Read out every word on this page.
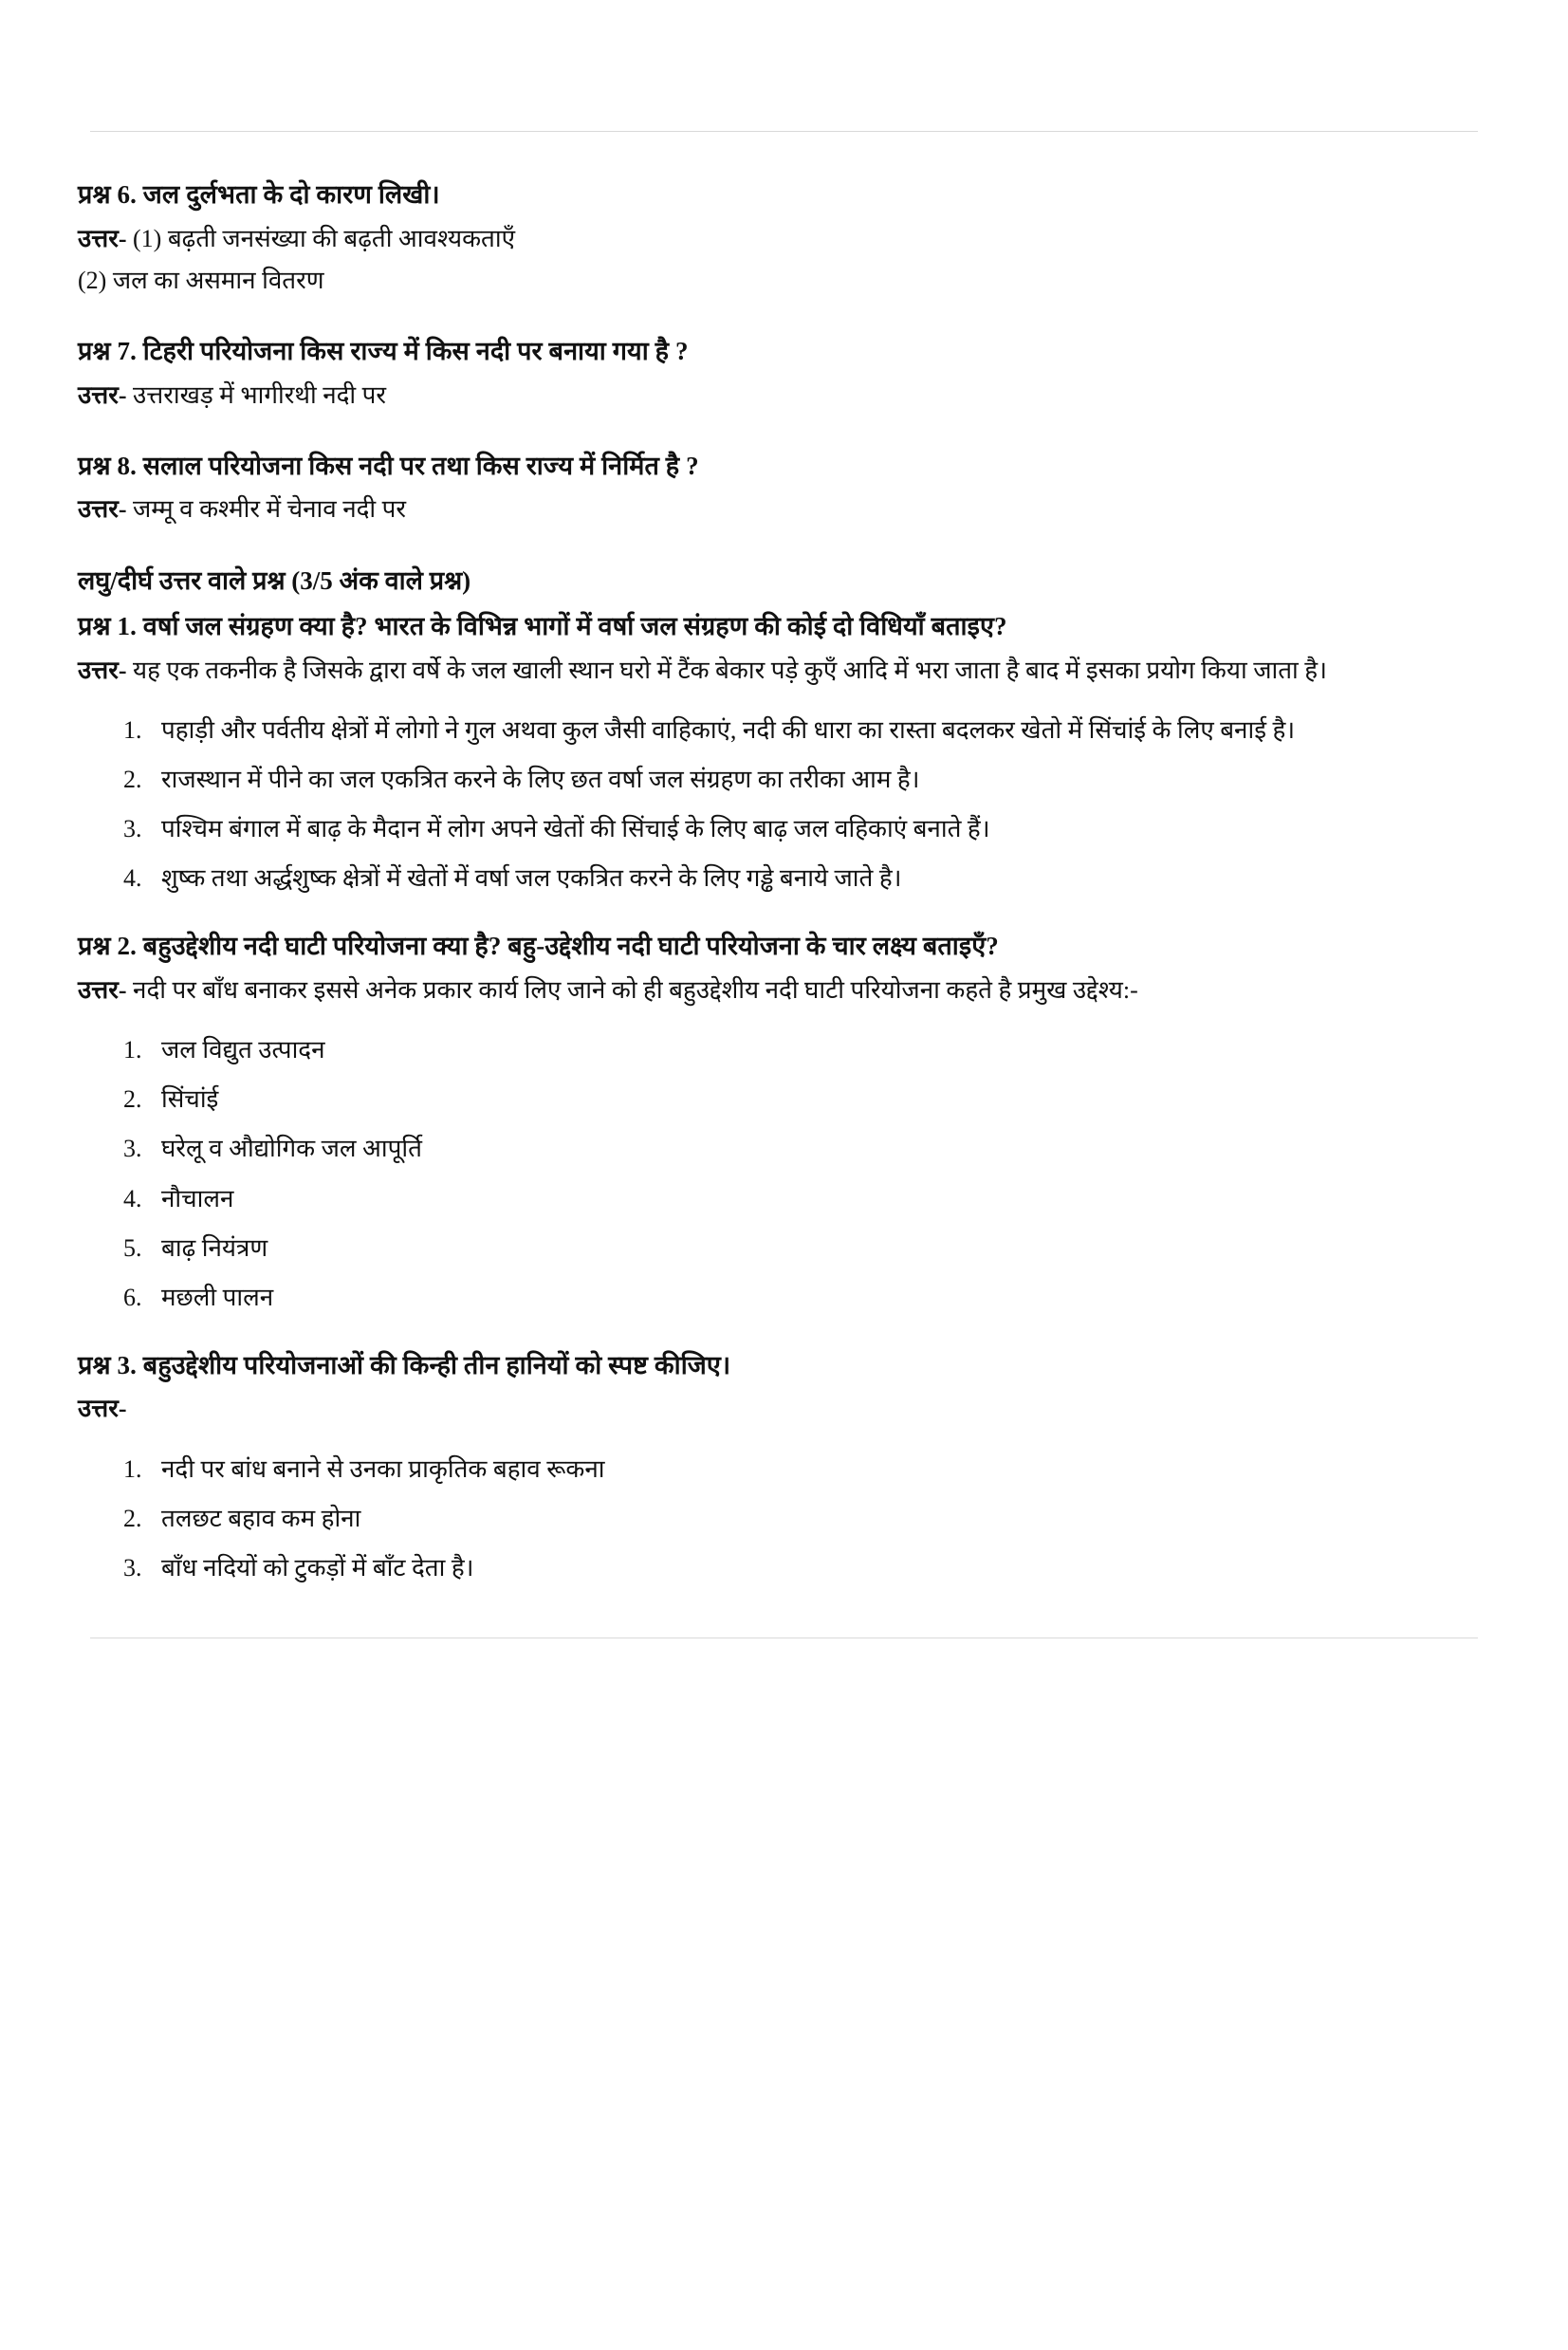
प्रश्न 6. जल दुर्लभता के दो कारण लिखी।

उत्तर- (1) बढ़ती जनसंख्या की बढ़ती आवश्यकताएँ

(2) जल का असमान वितरण

प्रश्न 7. टिहरी परियोजना किस राज्य में किस नदी पर बनाया गया है ?

उत्तर- उत्तराखड़ में भागीरथी नदी पर

प्रश्न 8. सलाल परियोजना किस नदी पर तथा किस राज्य में निर्मित है ?

उत्तर- जम्मू व कश्मीर में चेनाव नदी पर

लघु/दीर्घ उत्तर वाले प्रश्न (3/5 अंक वाले प्रश्न)

प्रश्न 1. वर्षा जल संग्रहण क्या है? भारत के विभिन्न भागों में वर्षा जल संग्रहण की कोई दो विधियाँ बताइए?

उत्तर- यह एक तकनीक है जिसके द्वारा वर्षे के जल खाली स्थान घरो में टैंक बेकार पड़े कुएँ आदि में भरा जाता है बाद में इसका प्रयोग किया जाता है।

1. पहाड़ी और पर्वतीय क्षेत्रों में लोगो ने गुल अथवा कुल जैसी वाहिकाएं, नदी की धारा का रास्ता बदलकर खेतो में सिंचांई के लिए बनाई है।
2. राजस्थान में पीने का जल एकत्रित करने के लिए छत वर्षा जल संग्रहण का तरीका आम है।
3. पश्चिम बंगाल में बाढ़ के मैदान में लोग अपने खेतों की सिंचाई के लिए बाढ़ जल वहिकाएं बनाते हैं।
4. शुष्क तथा अर्द्धशुष्क क्षेत्रों में खेतों में वर्षा जल एकत्रित करने के लिए गड्ढे बनाये जाते है।

प्रश्न 2. बहुउद्देशीय नदी घाटी परियोजना क्या है? बहु-उद्देशीय नदी घाटी परियोजना के चार लक्ष्य बताइएँ?

उत्तर- नदी पर बाँध बनाकर इससे अनेक प्रकार कार्य लिए जाने को ही बहुउद्देशीय नदी घाटी परियोजना कहते है प्रमुख उद्देश्य:-

1. जल विद्युत उत्पादन
2. सिंचांई
3. घरेलू व औद्योगिक जल आपूर्ति
4. नौचालन
5. बाढ़ नियंत्रण
6. मछली पालन

प्रश्न 3. बहुउद्देशीय परियोजनाओं की किन्ही तीन हानियों को स्पष्ट कीजिए।

उत्तर-

1. नदी पर बांध बनाने से उनका प्राकृतिक बहाव रूकना
2. तलछट बहाव कम होना
3. बाँध नदियों को टुकड़ों में बाँट देता है।
